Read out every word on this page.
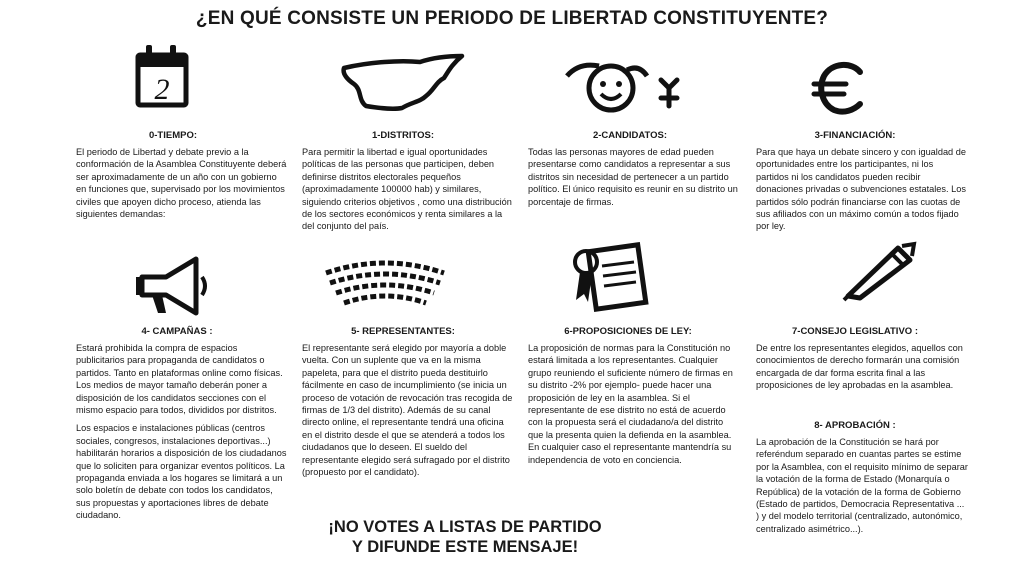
¿EN QUÉ CONSISTE UN PERIODO DE LIBERTAD CONSTITUYENTE?
2
0-TIEMPO:

El periodo de Libertad y debate previo a la conformación de la Asamblea Constituyente deberá ser aproximadamente de un año con un gobierno en funciones que, supervisado por los movimientos civiles que apoyen dicho proceso, atienda las siguientes demandas:

1-DISTRITOS:

Para permitir la libertad e igual oportunidades políticas de las personas que participen, deben definirse distritos electorales pequeños (aproximadamente 100000 hab) y similares, siguiendo criterios objetivos , como una distribución de los sectores económicos y renta similares a la del conjunto del país.

2-CANDIDATOS:

Todas las personas mayores de edad pueden presentarse como candidatos a representar a sus distritos sin necesidad de pertenecer a un partido político. El único requisito es reunir en su distrito un porcentaje de firmas.

3-FINANCIACIÓN:

Para que haya un debate sincero y con igualdad de oportunidades entre los participantes, ni los partidos ni los candidatos pueden recibir donaciones privadas o subvenciones estatales. Los partidos sólo podrán financiarse con las cuotas de sus afiliados con un máximo común a todos fijado por ley.

4- CAMPAÑAS :

Estará prohibida la compra de espacios publicitarios para propaganda de candidatos o partidos. Tanto en plataformas online como físicas. Los medios de mayor tamaño deberán poner a disposición de los candidatos secciones con el mismo espacio para todos, divididos por distritos.

Los espacios e instalaciones públicas (centros sociales, congresos, instalaciones deportivas...) habilitarán horarios a disposición de los ciudadanos que lo soliciten para organizar eventos políticos. La propaganda enviada a los hogares se limitará a un solo boletín de debate con todos los candidatos, sus propuestas y aportaciones libres de debate ciudadano.

5- REPRESENTANTES:

El representante será elegido por mayoría a doble vuelta. Con un suplente que va en la misma papeleta, para que el distrito pueda destituirlo fácilmente en caso de incumplimiento (se inicia un proceso de votación de revocación tras recogida de firmas de 1/3 del distrito). Además de su canal directo online, el representante tendrá una oficina en el distrito desde el que se atenderá a todos los ciudadanos que lo deseen. El sueldo del representante elegido será sufragado por el distrito (propuesto por el candidato).

6-PROPOSICIONES DE LEY:

La proposición de normas para la Constitución no estará limitada a los representantes. Cualquier grupo reuniendo el suficiente número de firmas en su distrito -2% por ejemplo- puede hacer una proposición de ley en la asamblea. Si el representante de ese distrito no está de acuerdo con la propuesta será el ciudadano/a del distrito que la presenta quien la defienda en la asamblea. En cualquier caso el representante mantendría su independencia de voto en conciencia.

7-CONSEJO LEGISLATIVO :

De entre los representantes elegidos, aquellos con conocimientos de derecho formarán una comisión encargada de dar forma escrita final a las proposiciones de ley aprobadas en la asamblea.

8- APROBACIÓN :

La aprobación de la Constitución se hará por referéndum separado en cuantas partes se estime por la Asamblea, con el requisito mínimo de separar la votación de la forma de Estado (Monarquía o República) de la votación de la forma de Gobierno (Estado de partidos, Democracia Representativa ... ) y del modelo territorial (centralizado, autonómico, centralizado asimétrico...).

¡NO VOTES A LISTAS DE PARTIDO
Y DIFUNDE ESTE MENSAJE!
